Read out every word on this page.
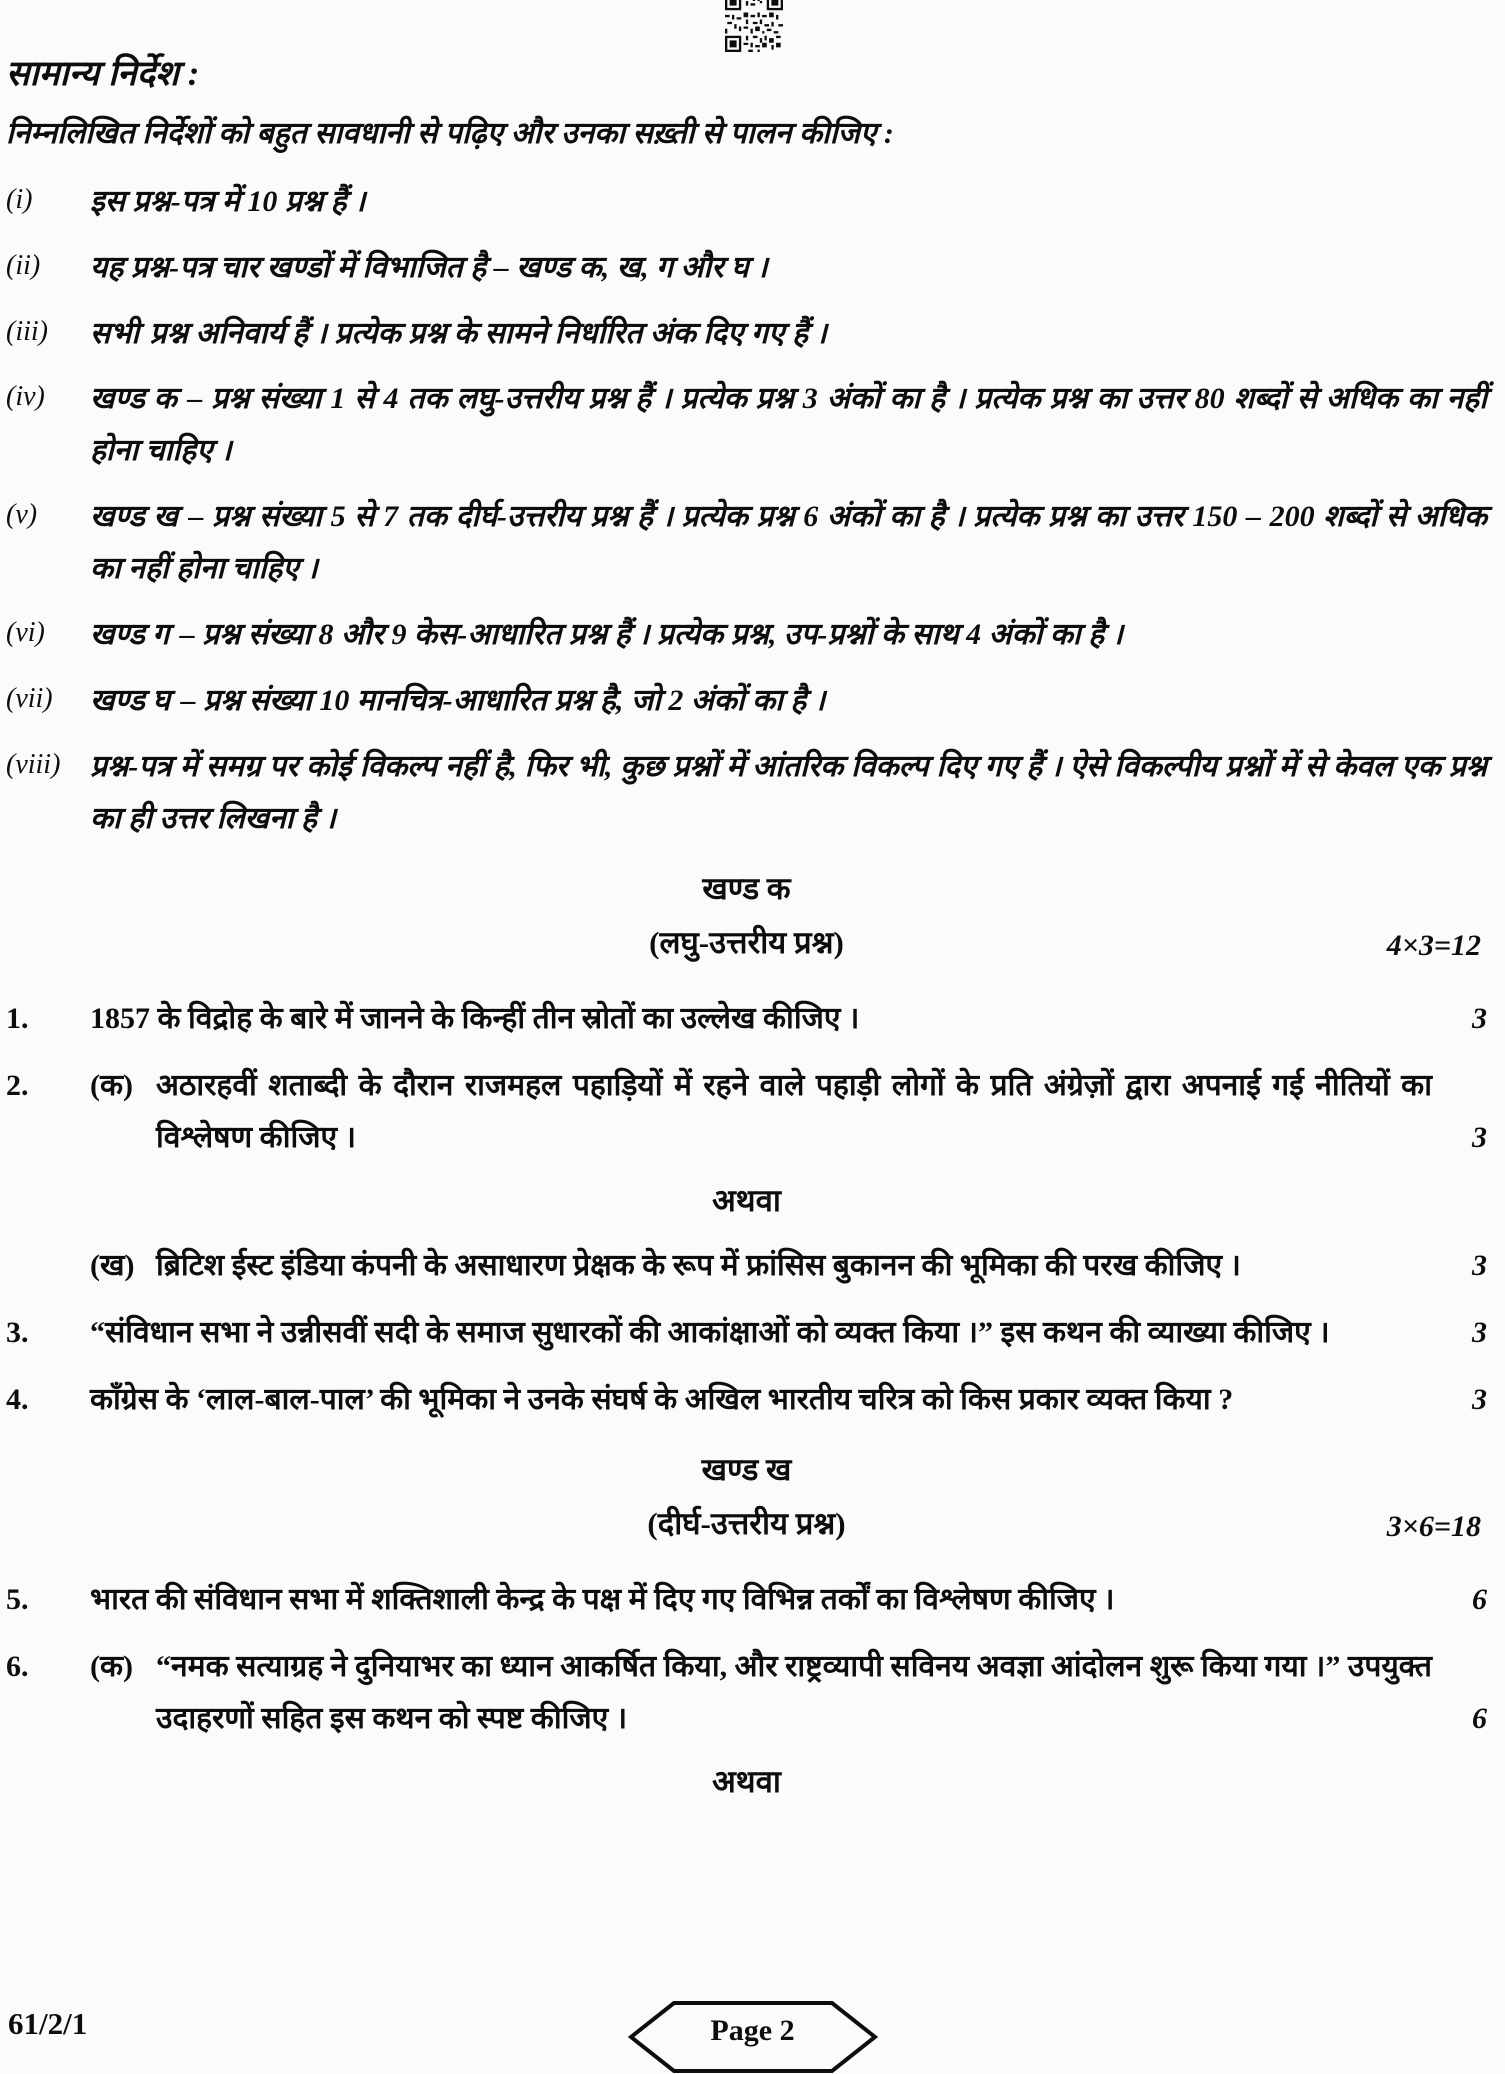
सामान्य निर्देश :
निम्नलिखित निर्देशों को बहुत सावधानी से पढ़िए और उनका सख़्ती से पालन कीजिए :
(i)	इस प्रश्न-पत्र में 10 प्रश्न हैं ।
(ii)	यह प्रश्न-पत्र चार खण्डों में विभाजित है – खण्ड क, ख, ग और घ ।
(iii)	सभी प्रश्न अनिवार्य हैं । प्रत्येक प्रश्न के सामने निर्धारित अंक दिए गए हैं ।
(iv)	खण्ड क – प्रश्न संख्या 1 से 4 तक लघु-उत्तरीय प्रश्न हैं । प्रत्येक प्रश्न 3 अंकों का है । प्रत्येक प्रश्न का उत्तर 80 शब्दों से अधिक का नहीं होना चाहिए ।
(v)	खण्ड ख – प्रश्न संख्या 5 से 7 तक दीर्घ-उत्तरीय प्रश्न हैं । प्रत्येक प्रश्न 6 अंकों का है । प्रत्येक प्रश्न का उत्तर 150 – 200 शब्दों से अधिक का नहीं होना चाहिए ।
(vi)	खण्ड ग – प्रश्न संख्या 8 और 9 केस-आधारित प्रश्न हैं । प्रत्येक प्रश्न, उप-प्रश्नों के साथ 4 अंकों का है ।
(vii)	खण्ड घ – प्रश्न संख्या 10 मानचित्र-आधारित प्रश्न है, जो 2 अंकों का है ।
(viii) प्रश्न-पत्र में समग्र पर कोई विकल्प नहीं है, फिर भी, कुछ प्रश्नों में आंतरिक विकल्प दिए गए हैं । ऐसे विकल्पीय प्रश्नों में से केवल एक प्रश्न का ही उत्तर लिखना है ।
खण्ड क
(लघु-उत्तरीय प्रश्न)	4×3=12
1.	1857 के विद्रोह के बारे में जानने के किन्हीं तीन स्रोतों का उल्लेख कीजिए ।	3
2.	(क) अठारहवीं शताब्दी के दौरान राजमहल पहाड़ियों में रहने वाले पहाड़ी लोगों के प्रति अंग्रेज़ों द्वारा अपनाई गई नीतियों का विश्लेषण कीजिए ।	3
अथवा
(ख) ब्रिटिश ईस्ट इंडिया कंपनी के असाधारण प्रेक्षक के रूप में फ्रांसिस बुकानन की भूमिका की परख कीजिए ।	3
3.	“संविधान सभा ने उन्नीसवीं सदी के समाज सुधारकों की आकांक्षाओं को व्यक्त किया ।” इस कथन की व्याख्या कीजिए ।	3
4.	काँग्रेस के ‘लाल-बाल-पाल’ की भूमिका ने उनके संघर्ष के अखिल भारतीय चरित्र को किस प्रकार व्यक्त किया ?	3
खण्ड ख
(दीर्घ-उत्तरीय प्रश्न)	3×6=18
5.	भारत की संविधान सभा में शक्तिशाली केन्द्र के पक्ष में दिए गए विभिन्न तर्कों का विश्लेषण कीजिए ।	6
6.	(क) “नमक सत्याग्रह ने दुनियाभर का ध्यान आकर्षित किया, और राष्ट्रव्यापी सविनय अवज्ञा आंदोलन शुरू किया गया ।” उपयुक्त उदाहरणों सहित इस कथन को स्पष्ट कीजिए ।	6
अथवा
61/2/1	Page 2
